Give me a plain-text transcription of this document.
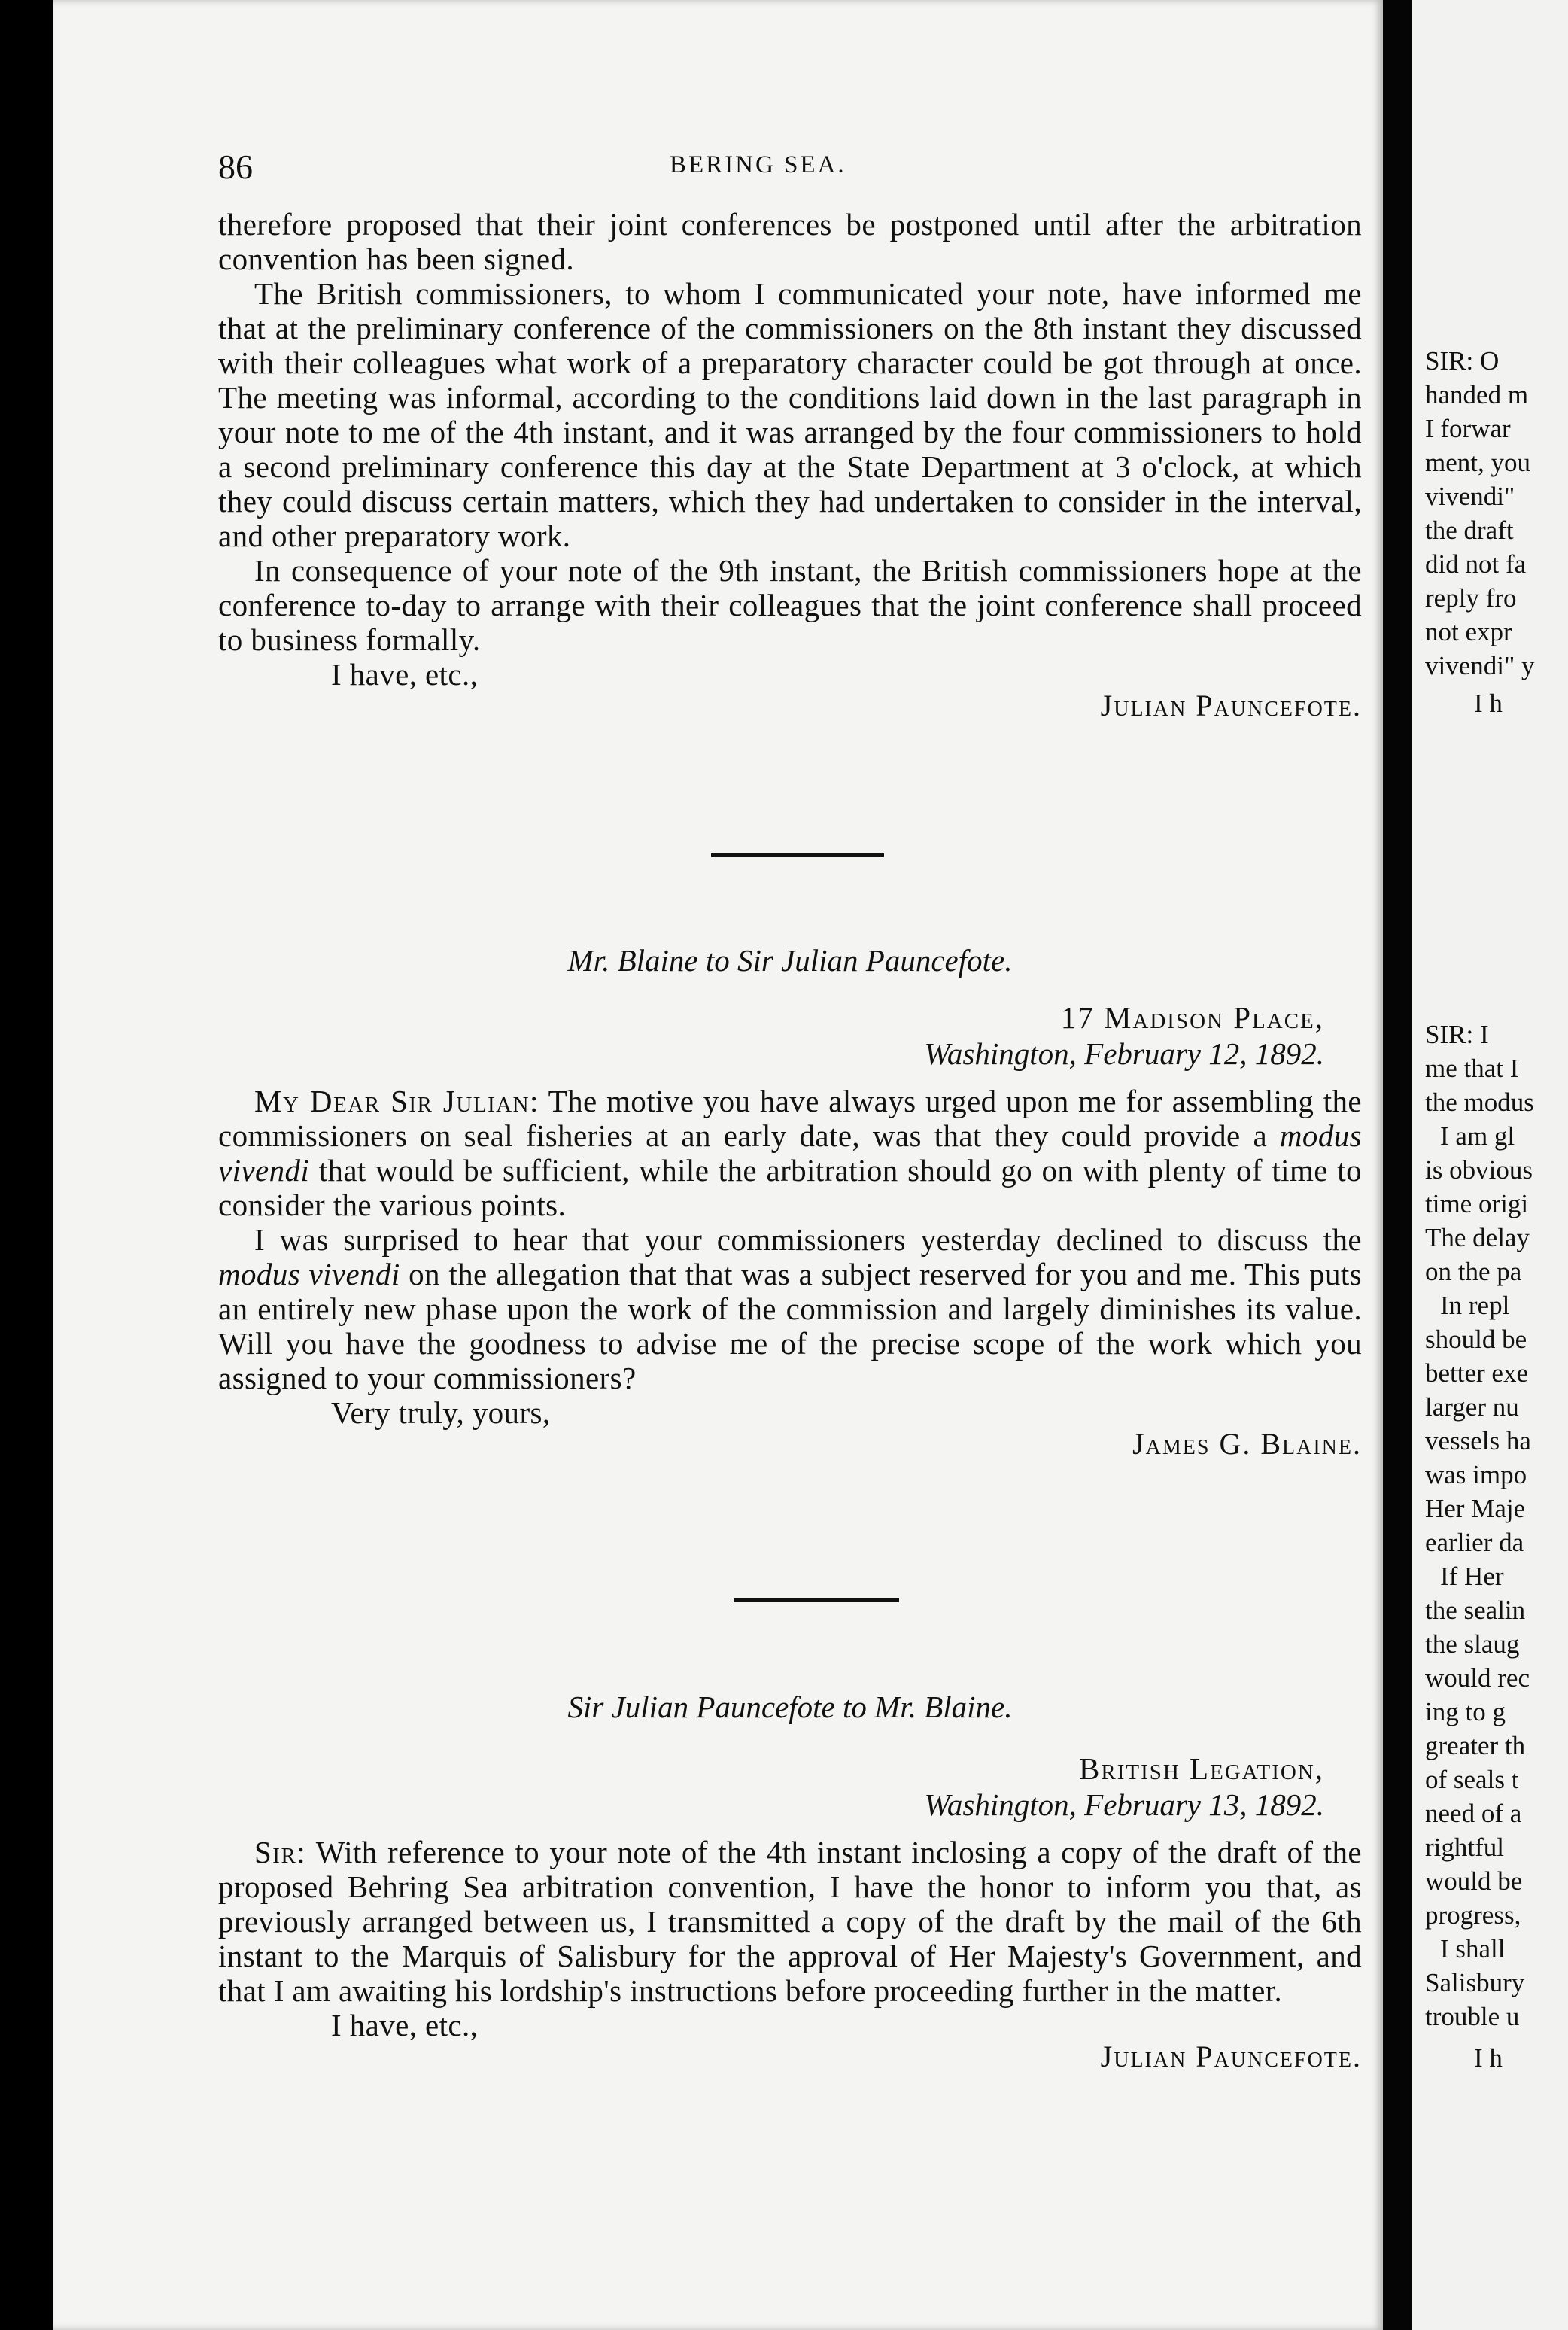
SIR: O
handed m
I forwar
ment, you
vivendi"
the draft
did not fa
reply fro
not expr
vivendi" y
I h
SIR: I
me that I
the modus
I am gl
is obvious
time origi
The delay
on the pa
In repl
should be
better exe
larger nu
vessels ha
was impo
Her Maje
earlier da
If Her
the sealin
the slaug
would rec
ing to g
greater th
of seals t
need of a
rightful
would be
progress,
I shall
Salisbury
trouble u
I h
86	BERING SEA.

therefore proposed that their joint conferences be postponed until after the arbitration convention has been signed.

The British commissioners, to whom I communicated your note, have informed me that at the preliminary conference of the commissioners on the 8th instant they discussed with their colleagues what work of a preparatory character could be got through at once. The meeting was informal, according to the conditions laid down in the last paragraph in your note to me of the 4th instant, and it was arranged by the four commissioners to hold a second preliminary conference this day at the State Department at 3 o'clock, at which they could discuss certain matters, which they had undertaken to consider in the interval, and other preparatory work.

In consequence of your note of the 9th instant, the British commissioners hope at the conference to-day to arrange with their colleagues that the joint conference shall proceed to business formally.

I have, etc.,

Julian Pauncefote.

Mr. Blaine to Sir Julian Pauncefote.
17 Madison Place,
Washington, February 12, 1892.

My Dear Sir Julian: The motive you have always urged upon me for assembling the commissioners on seal fisheries at an early date, was that they could provide a modus vivendi that would be sufficient, while the arbitration should go on with plenty of time to consider the various points.

I was surprised to hear that your commissioners yesterday declined to discuss the modus vivendi on the allegation that that was a subject reserved for you and me. This puts an entirely new phase upon the work of the commission and largely diminishes its value. Will you have the goodness to advise me of the precise scope of the work which you assigned to your commissioners?

Very truly, yours,

James G. Blaine.

Sir Julian Pauncefote to Mr. Blaine.
British Legation,
Washington, February 13, 1892.

Sir: With reference to your note of the 4th instant inclosing a copy of the draft of the proposed Behring Sea arbitration convention, I have the honor to inform you that, as previously arranged between us, I transmitted a copy of the draft by the mail of the 6th instant to the Marquis of Salisbury for the approval of Her Majesty's Government, and that I am awaiting his lordship's instructions before proceeding further in the matter.

I have, etc.,

Julian Pauncefote.
